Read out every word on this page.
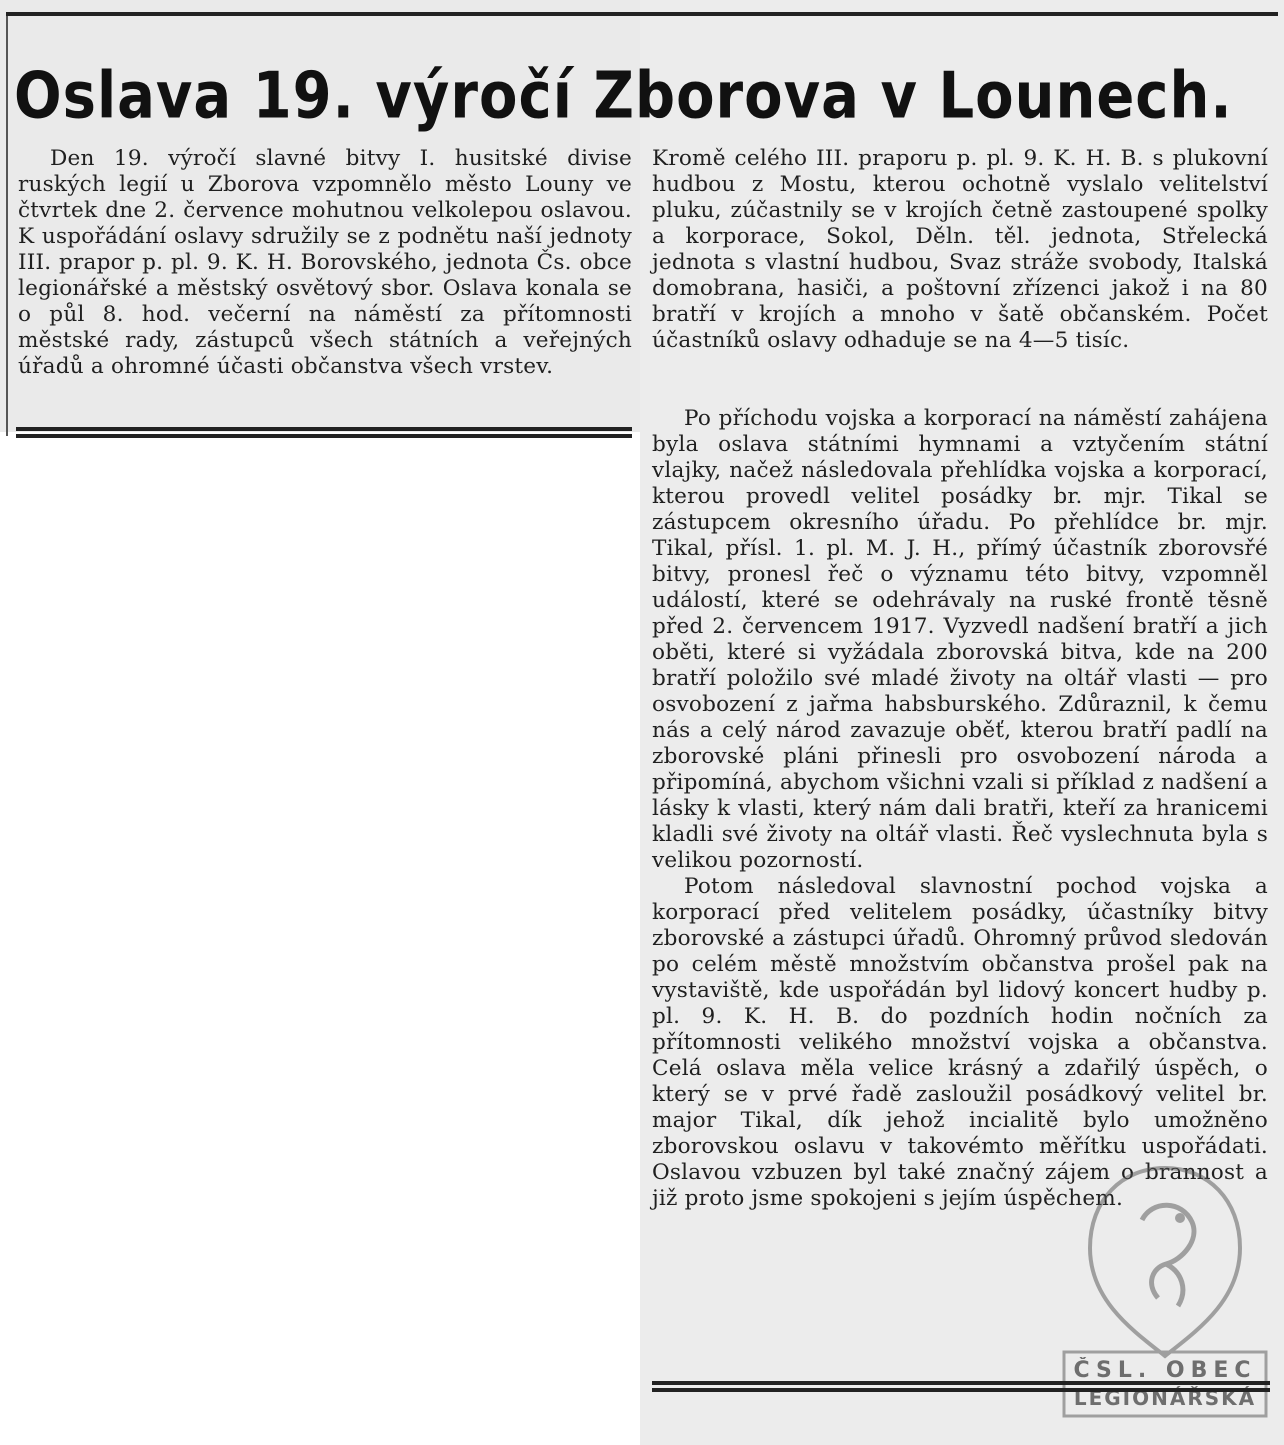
Oslava 19. výročí Zborova v Lounech.

Den 19. výročí slavné bitvy I. husitské divise ruských legií u Zborova vzpomnělo město Louny ve čtvrtek dne 2. července mohutnou velkolepou oslavou. K uspořádání oslavy sdružily se z podnětu naší jednoty III. prapor p. pl. 9. K. H. Borovského, jednota Čs. obce legionářské a městský osvětový sbor. Oslava konala se o půl 8. hod. večerní na náměstí za přítomnosti městské rady, zástupců všech státních a veřejných úřadů a ohromné účasti občanstva všech vrstev.

Kromě celého III. praporu p. pl. 9. K. H. B. s plukovní hudbou z Mostu, kterou ochotně vyslalo velitelství pluku, zúčastnily se v krojích četně zastoupené spolky a korporace, Sokol, Děln. těl. jednota, Střelecká jednota s vlastní hudbou, Svaz stráže svobody, Italská domobrana, hasiči, a poštovní zřízenci jakož i na 80 bratří v krojích a mnoho v šatě občanském. Počet účastníků oslavy odhaduje se na 4—5 tisíc.

Po příchodu vojska a korporací na náměstí zahájena byla oslava státními hymnami a vztyčením státní vlajky, načež následovala přehlídka vojska a korporací, kterou provedl velitel posádky br. mjr. Tikal se zástupcem okresního úřadu. Po přehlídce br. mjr. Tikal, přísl. 1. pl. M. J. H., přímý účastník zborovsřé bitvy, pronesl řeč o významu této bitvy, vzpomněl událostí, které se odehrávaly na ruské frontě těsně před 2. červencem 1917. Vyzvedl nadšení bratří a jich oběti, které si vyžádala zborovská bitva, kde na 200 bratří položilo své mladé životy na oltář vlasti — pro osvobození z jařma habsburského. Zdůraznil, k čemu nás a celý národ zavazuje oběť, kterou bratří padlí na zborovské pláni přinesli pro osvobození národa a připomíná, abychom všichni vzali si příklad z nadšení a lásky k vlasti, který nám dali bratři, kteří za hranicemi kladli své životy na oltář vlasti. Řeč vyslechnuta byla s velikou pozorností.

Potom následoval slavnostní pochod vojska a korporací před velitelem posádky, účastníky bitvy zborovské a zástupci úřadů. Ohromný průvod sledován po celém městě množstvím občanstva prošel pak na vystaviště, kde uspořádán byl lidový koncert hudby p. pl. 9. K. H. B. do pozdních hodin nočních za přítomnosti velikého množství vojska a občanstva. Celá oslava měla velice krásný a zdařilý úspěch, o který se v prvé řadě zasloužil posádkový velitel br. major Tikal, dík jehož incialitě bylo umožněno zborovskou oslavu v takovémto měřítku uspořádati. Oslavou vzbuzen byl také značný zájem o brannost a již proto jsme spokojeni s jejím úspěchem.

ČSL. OBEC
LEGIONÁŘSKÁ
